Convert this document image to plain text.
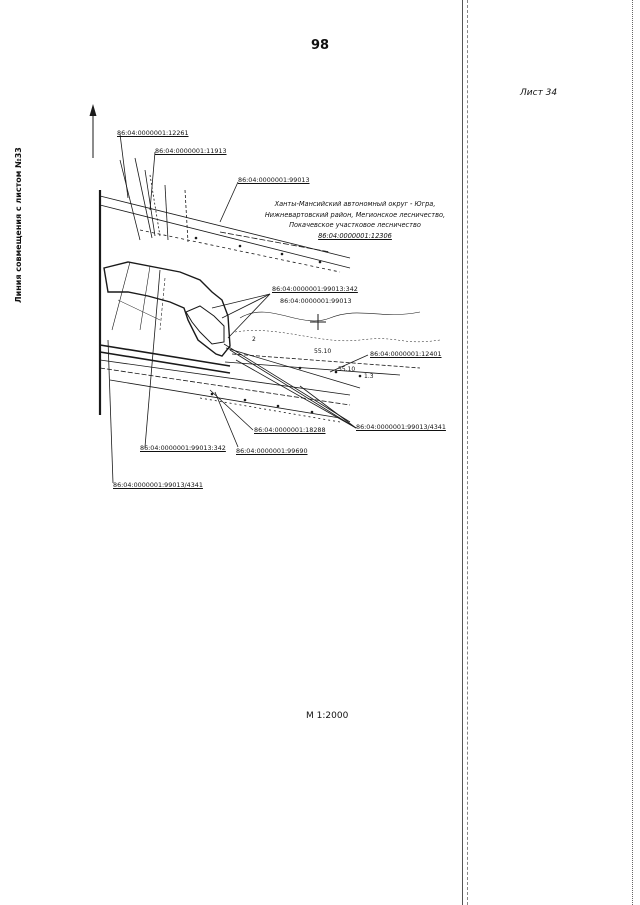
98
Лист 34
М 1:2000
Линия совмещения с листом №33	Ханты-Мансийский автономный округ - Югра,
Нижневартовский район, Мегионское лесничество,
Покачевское участковое лесничество
86:04:0000001:12306
86:04:0000001:12261
86:04:0000001:11913
86:04:0000001:99013
86:04:0000001:99013:342
86:04:0000001:99013
86:04:0000001:12401
86:04:0000001:99013/4341
86:04:0000001:18288
86:04:0000001:99013:342 86:04:0000001:99690
86:04:0000001:99013/4341
2
55.10
55.10
1.3
